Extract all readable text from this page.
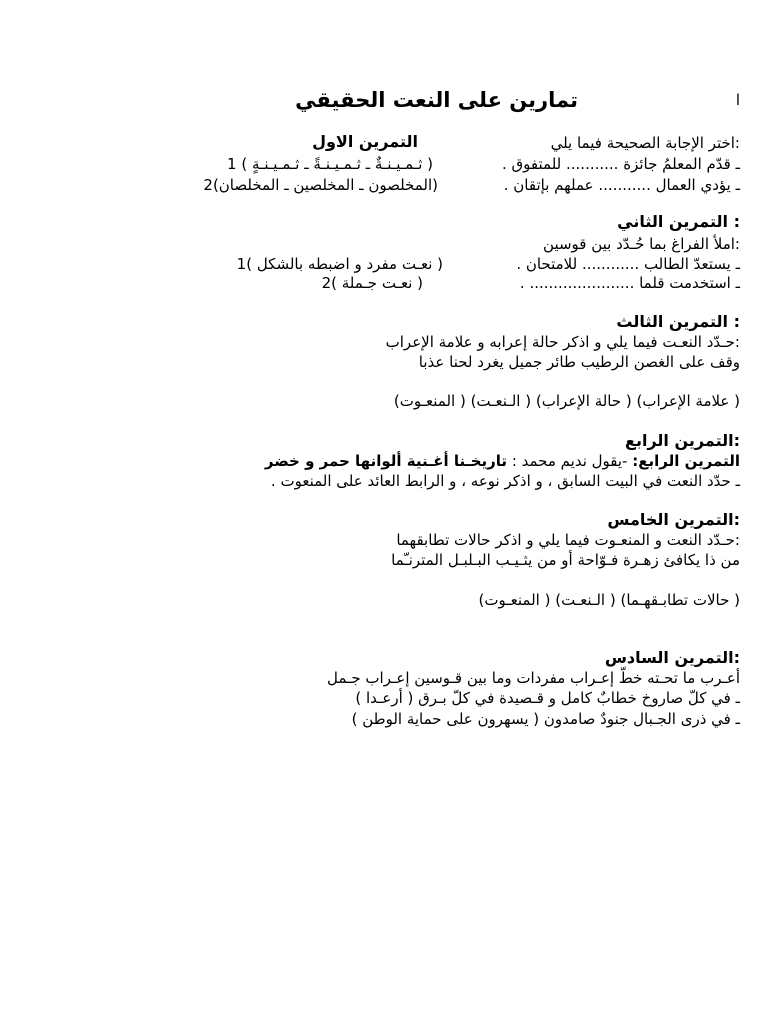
ا
تمارين على النعت الحقيقي
:اختر الإجابة الصحيحة فيما يلي
التمرين الاول
ـ قدّم المعلمُ جائزة ........... للمتفوق .
( ثـمـيـنـةٌ ـ ثـمـيـنـةً ـ ثـمـيـنـةٍ ) 1
ـ يؤدي العمال ........... عملهم بإتقان .
(المخلصون ـ المخلصين ـ المخلصان)2
: التمرين الثاني
:املأ الفراغ بما حُـدّد بين قوسين
ـ يستعدّ الطالب ............ للامتحان .
( نعـت مفرد و اضبطه بالشكل )1
ـ استخدمت قلما ...................... .
( نعـت جـملة )2
: التمرين الثالث
:حـدّد النعـت فيما يلي و اذكر حالة إعرابه و علامة الإعراب
وقف على الغصن الرطيب طائر جميل يغرد لحنا عذبا
( علامة الإعراب) ( حالة الإعراب) ( الـنعـت) ( المنعـوت)
:التمرين الرابع
التمرين الرابع: -يقول نديم محمد : تاريخـنا أغـنية ألوانها حمر و خضر
ـ حدّد النعت في البيت السابق ، و اذكر نوعه ، و الرابط العائد على المنعوت .
:التمرين الخامس
:حـدّد النعت و المنعـوت فيما يلي و اذكر حالات تطابقهما
من ذا يكافئ زهـرة فـوّاحة أو من يثـيـب البـلبـل المترنـّما
( حالات تطابـقهـما) ( الـنعـت) ( المنعـوت)
:التمرين السادس
أعـرب ما تحـته خطّ إعـراب مفردات وما بين قـوسين إعـراب جـمل
ـ في كلّ صاروخ خطابٌ كامل و قـصيدة في كلّ بـرق ( أرعـدا )
ـ في ذرى الجـبال جنودٌ صامدون ( يسهرون على حماية الوطن )
